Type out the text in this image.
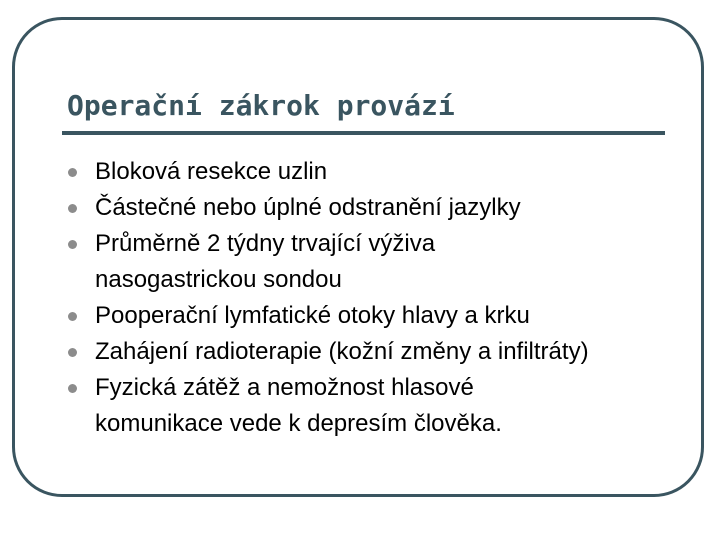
Operační zákrok provází
Bloková resekce uzlin
Částečné nebo úplné odstranění jazylky
Průměrně 2 týdny trvající výživa nasogastrickou sondou
Pooperační lymfatické otoky hlavy a krku
Zahájení radioterapie (kožní změny a infiltráty)
Fyzická zátěž a nemožnost hlasové komunikace vede k depresím člověka.
